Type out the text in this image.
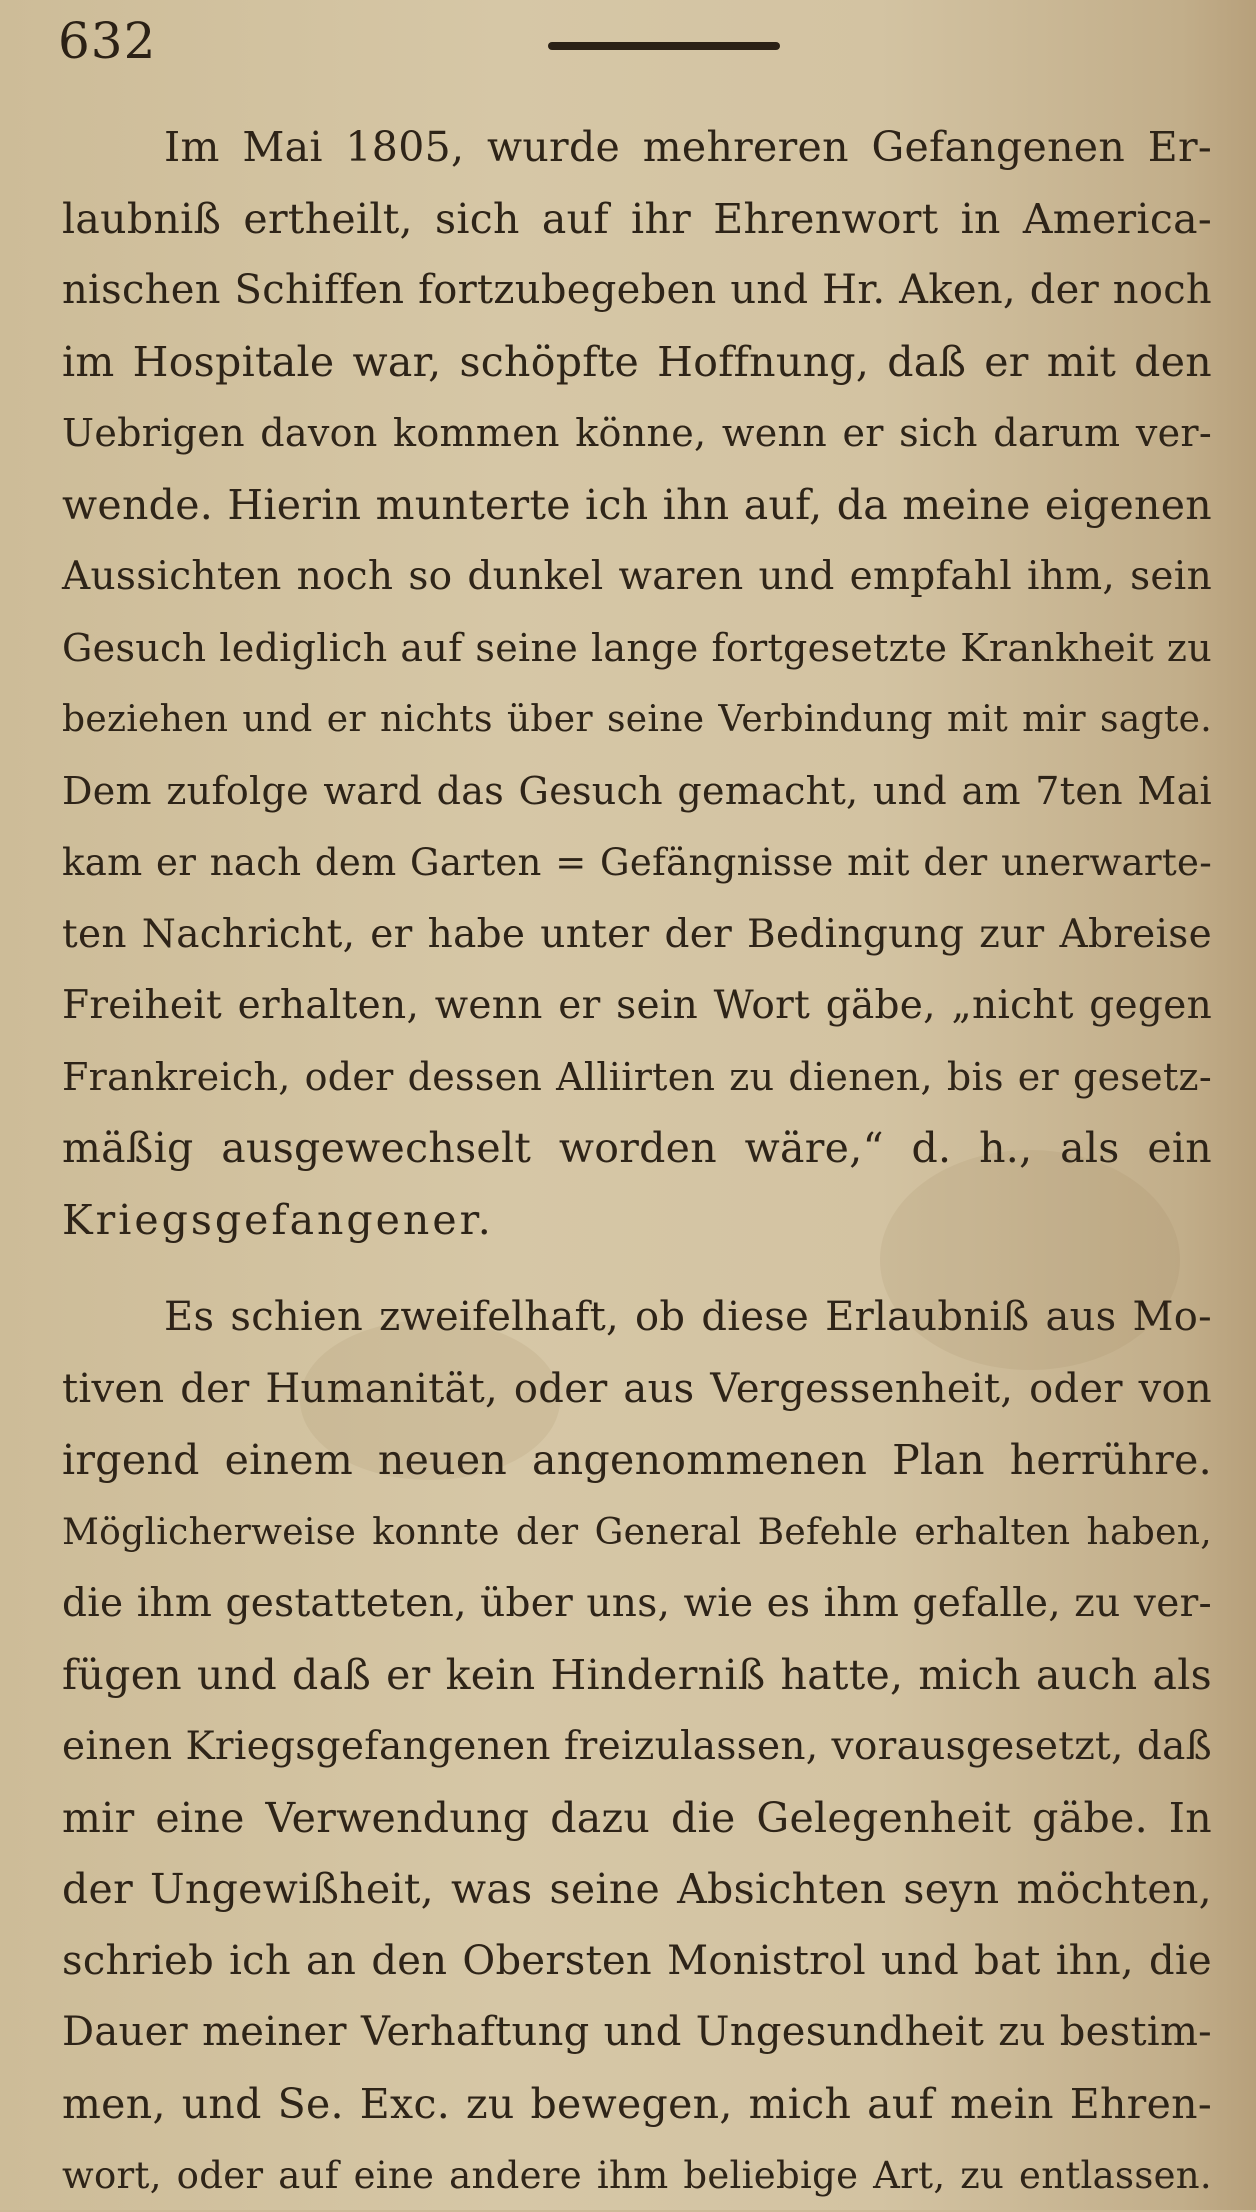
632
Im Mai 1805, wurde mehreren Gefangenen Er-
laubniß ertheilt, sich auf ihr Ehrenwort in America-
nischen Schiffen fortzubegeben und Hr. Aken, der noch
im Hospitale war, schöpfte Hoffnung, daß er mit den
Uebrigen davon kommen könne, wenn er sich darum ver-
wende. Hierin munterte ich ihn auf, da meine eigenen
Aussichten noch so dunkel waren und empfahl ihm, sein
Gesuch lediglich auf seine lange fortgesetzte Krankheit zu
beziehen und er nichts über seine Verbindung mit mir sagte.
Dem zufolge ward das Gesuch gemacht, und am 7ten Mai
kam er nach dem Garten = Gefängnisse mit der unerwarte-
ten Nachricht, er habe unter der Bedingung zur Abreise
Freiheit erhalten, wenn er sein Wort gäbe, „nicht gegen
Frankreich, oder dessen Alliirten zu dienen, bis er gesetz-
mäßig ausgewechselt worden wäre,“ d. h., als ein
Kriegsgefangener.
Es schien zweifelhaft, ob diese Erlaubniß aus Mo-
tiven der Humanität, oder aus Vergessenheit, oder von
irgend einem neuen angenommenen Plan herrühre.
Möglicherweise konnte der General Befehle erhalten haben,
die ihm gestatteten, über uns, wie es ihm gefalle, zu ver-
fügen und daß er kein Hinderniß hatte, mich auch als
einen Kriegsgefangenen freizulassen, vorausgesetzt, daß
mir eine Verwendung dazu die Gelegenheit gäbe. In
der Ungewißheit, was seine Absichten seyn möchten,
schrieb ich an den Obersten Monistrol und bat ihn, die
Dauer meiner Verhaftung und Ungesundheit zu bestim-
men, und Se. Exc. zu bewegen, mich auf mein Ehren-
wort, oder auf eine andere ihm beliebige Art, zu entlassen.
